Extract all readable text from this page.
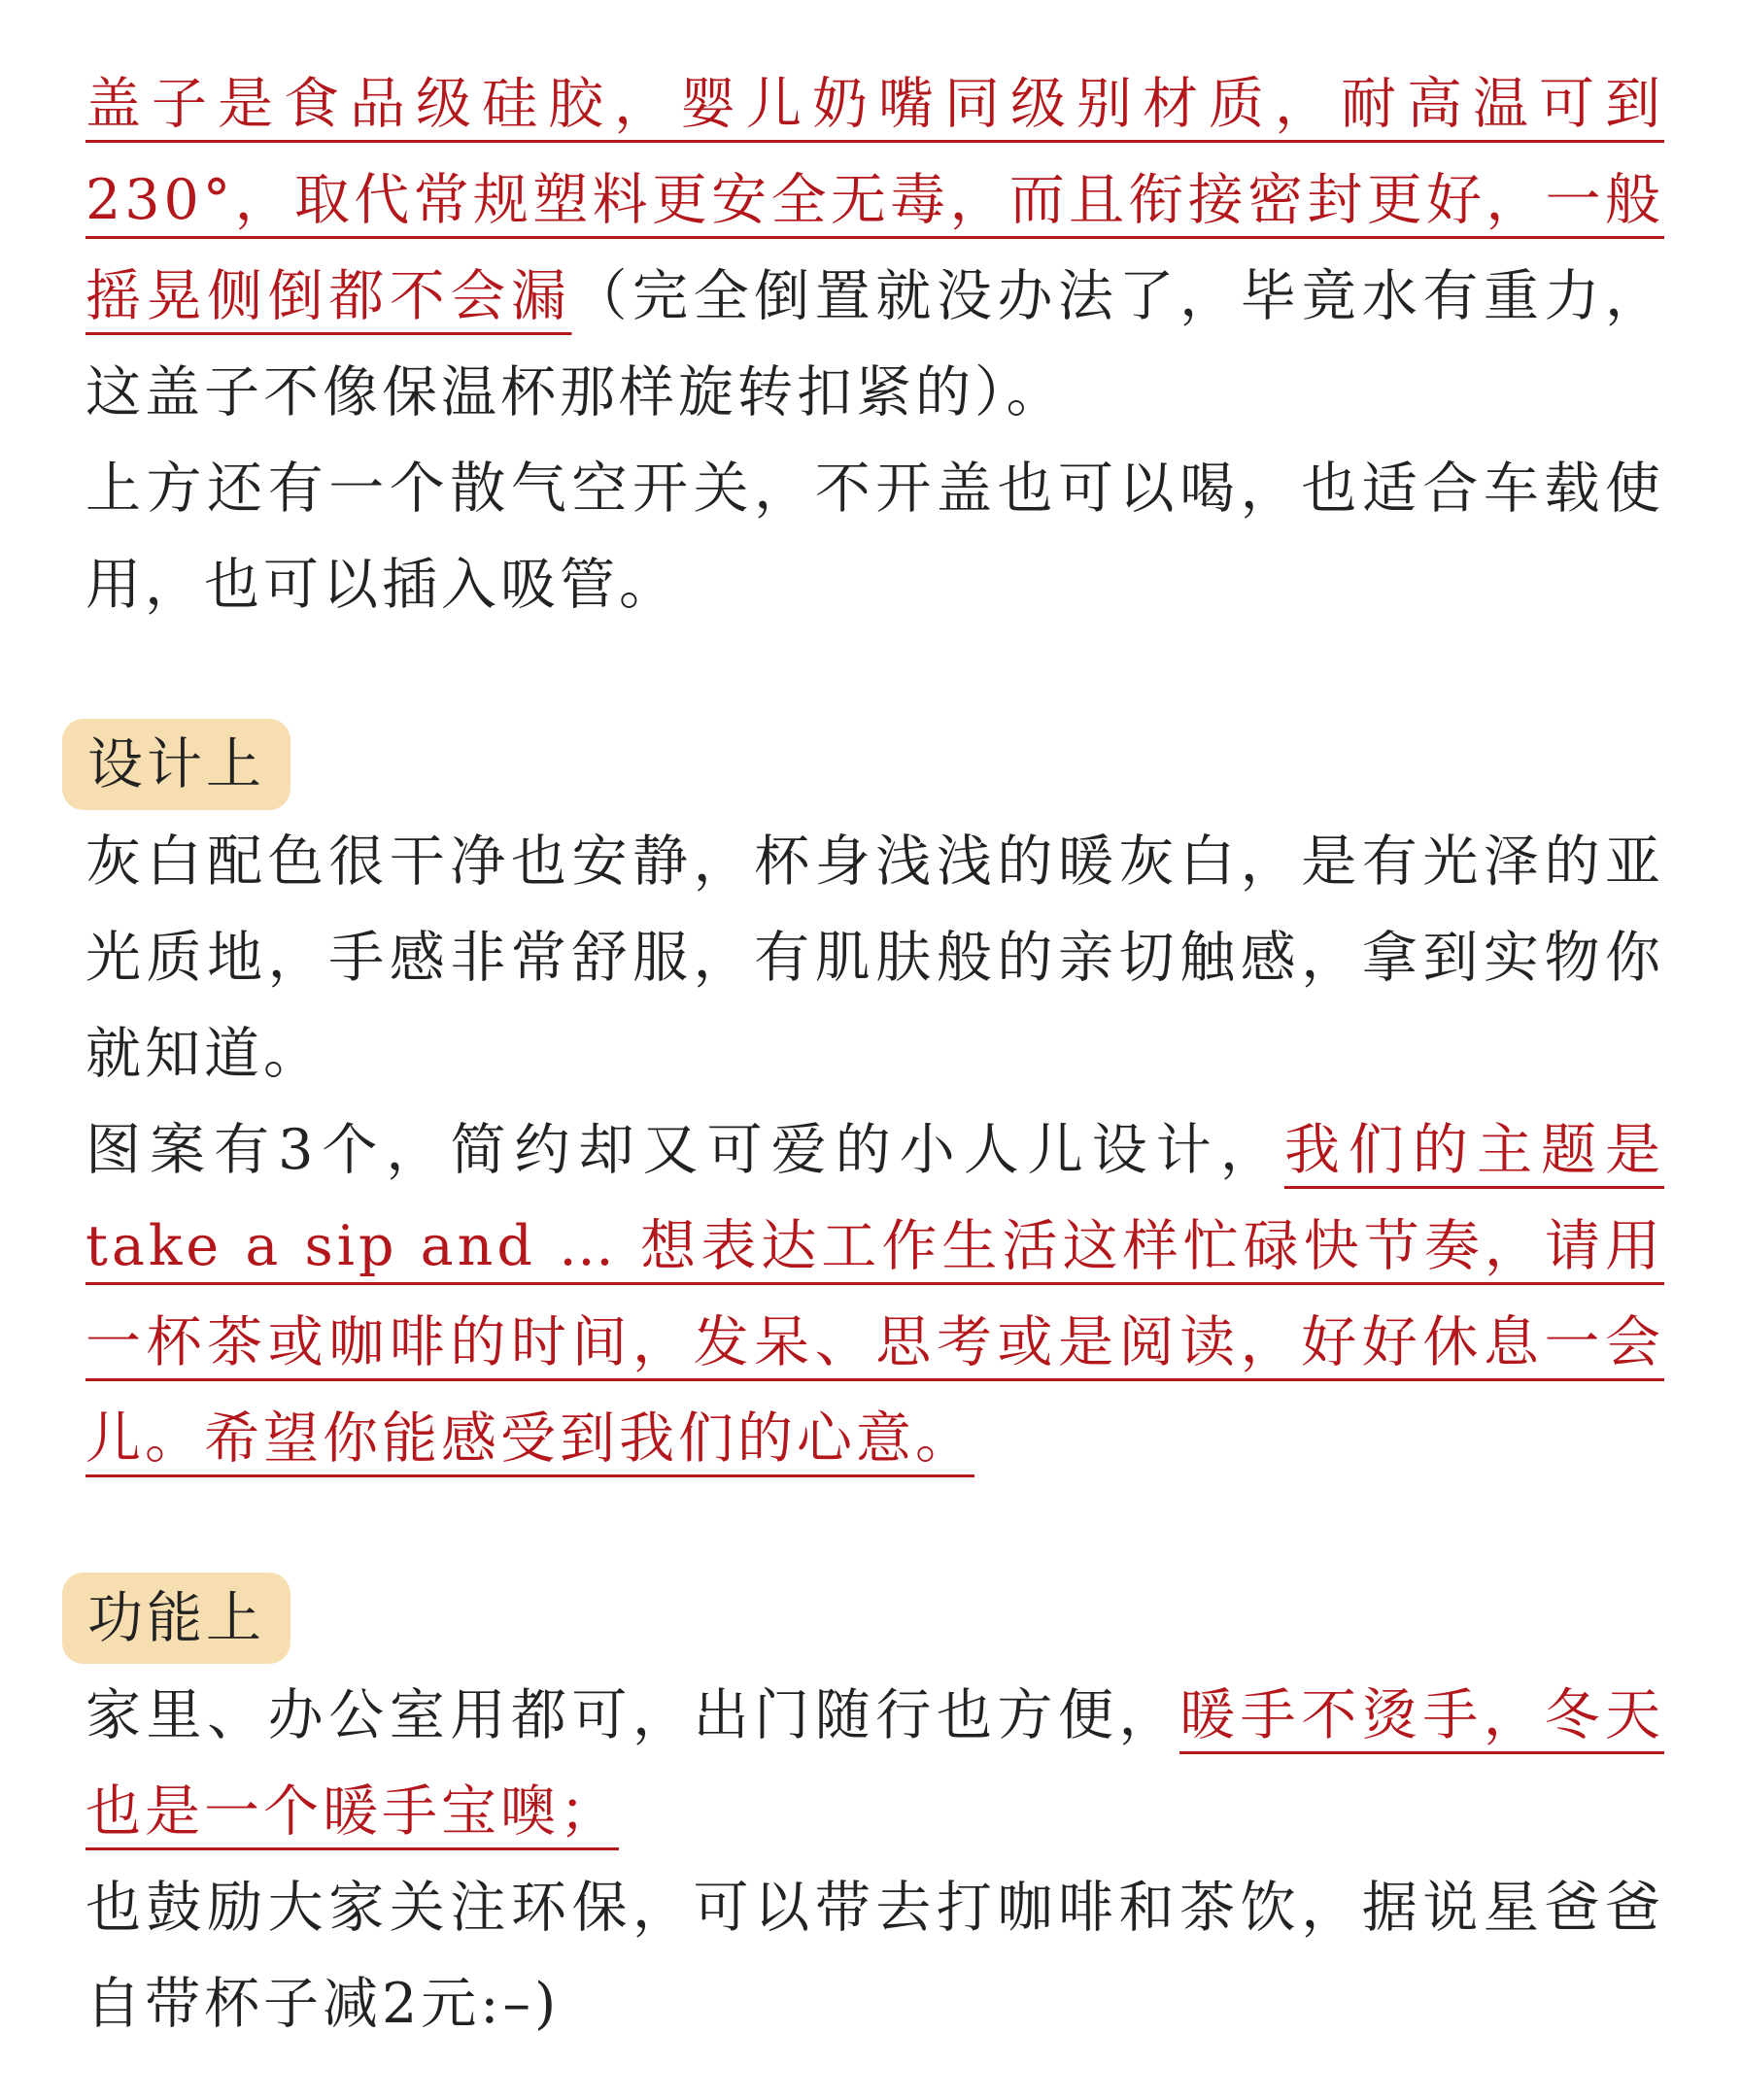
盖子是食品级硅胶，婴儿奶嘴同级别材质，耐高温可到230°，取代常规塑料更安全无毒，而且衔接密封更好，一般摇晃侧倒都不会漏（完全倒置就没办法了，毕竟水有重力，这盖子不像保温杯那样旋转扣紧的）。

上方还有一个散气空开关，不开盖也可以喝，也适合车载使用，也可以插入吸管。

设计上

灰白配色很干净也安静，杯身浅浅的暖灰白，是有光泽的亚光质地，手感非常舒服，有肌肤般的亲切触感，拿到实物你就知道。

图案有3个，简约却又可爱的小人儿设计，我们的主题是take a sip and … 想表达工作生活这样忙碌快节奏，请用一杯茶或咖啡的时间，发呆、思考或是阅读，好好休息一会儿。希望你能感受到我们的心意。

功能上

家里、办公室用都可，出门随行也方便，暖手不烫手，冬天也是一个暖手宝噢；

也鼓励大家关注环保，可以带去打咖啡和茶饮，据说星爸爸自带杯子减2元:–)
